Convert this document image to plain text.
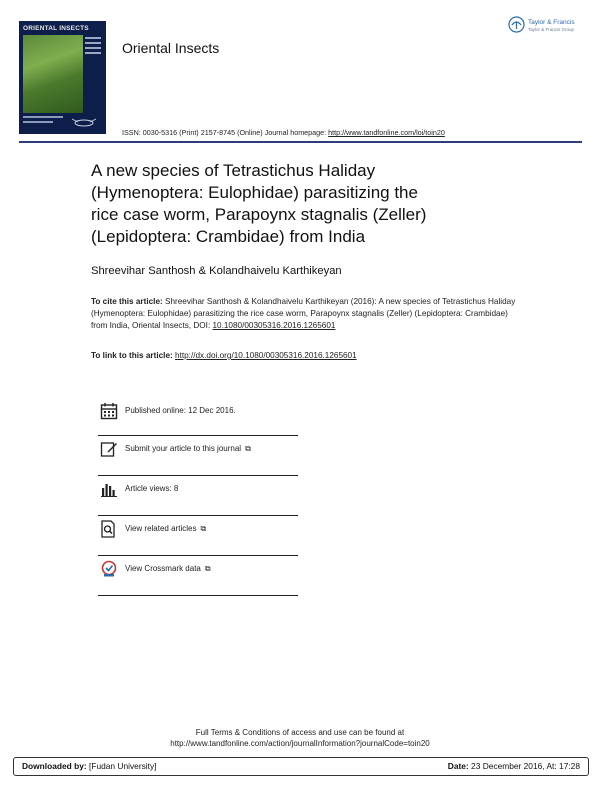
ORIENTAL INSECTS
Oriental Insects
Taylor & Francis
Taylor & Francis Group
ISSN: 0030-5316 (Print) 2157-8745 (Online) Journal homepage: http://www.tandfonline.com/loi/toin20
A new species of Tetrastichus Haliday
(Hymenoptera: Eulophidae) parasitizing the
rice case worm, Parapoynx stagnalis (Zeller)
(Lepidoptera: Crambidae) from India
Shreevihar Santhosh & Kolandhaivelu Karthikeyan
To cite this article: Shreevihar Santhosh & Kolandhaivelu Karthikeyan (2016): A new species of Tetrastichus Haliday (Hymenoptera: Eulophidae) parasitizing the rice case worm, Parapoynx stagnalis (Zeller) (Lepidoptera: Crambidae) from India, Oriental Insects, DOI: 10.1080/00305316.2016.1265601
To link to this article: http://dx.doi.org/10.1080/00305316.2016.1265601
Published online: 12 Dec 2016.
Submit your article to this journal ⧉
Article views: 8
View related articles ⧉
View Crossmark data ⧉
Full Terms & Conditions of access and use can be found at
http://www.tandfonline.com/action/journalInformation?journalCode=toin20
Downloaded by: [Fudan University]	Date: 23 December 2016, At: 17:28
